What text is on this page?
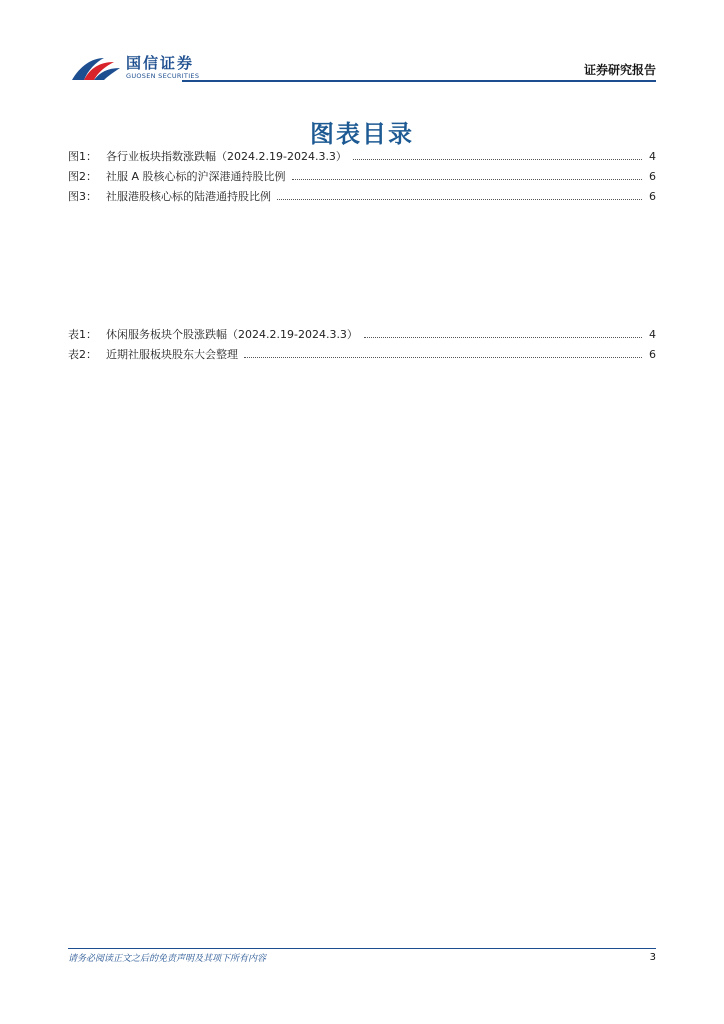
国信证券
GUOSEN SECURITIES	证券研究报告
图表目录
图1： 各行业板块指数涨跌幅（2024.2.19-2024.3.3）	4
图2： 社服 A 股核心标的沪深港通持股比例	6
图3： 社服港股核心标的陆港通持股比例	6
表1： 休闲服务板块个股涨跌幅（2024.2.19-2024.3.3）	4
表2： 近期社服板块股东大会整理	6
请务必阅读正文之后的免责声明及其项下所有内容	3
